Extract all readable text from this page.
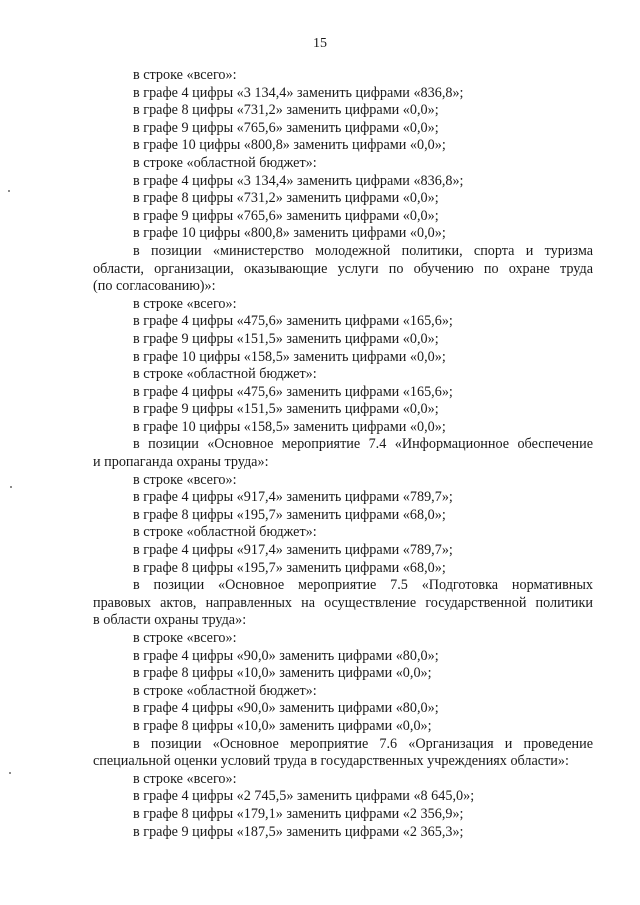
15
в строке «всего»:
в графе 4 цифры «3 134,4» заменить цифрами «836,8»;
в графе 8 цифры «731,2» заменить цифрами «0,0»;
в графе 9 цифры «765,6» заменить цифрами «0,0»;
в графе 10 цифры «800,8» заменить цифрами «0,0»;
в строке «областной бюджет»:
в графе 4 цифры «3 134,4» заменить цифрами «836,8»;
в графе 8 цифры «731,2» заменить цифрами «0,0»;
в графе 9 цифры «765,6» заменить цифрами «0,0»;
в графе 10 цифры «800,8» заменить цифрами «0,0»;
в позиции «министерство молодежной политики, спорта и туризма
области, организации, оказывающие услуги по обучению по охране труда
(по согласованию)»:
в строке «всего»:
в графе 4 цифры «475,6» заменить цифрами «165,6»;
в графе 9 цифры «151,5» заменить цифрами «0,0»;
в графе 10 цифры «158,5» заменить цифрами «0,0»;
в строке «областной бюджет»:
в графе 4 цифры «475,6» заменить цифрами «165,6»;
в графе 9 цифры «151,5» заменить цифрами «0,0»;
в графе 10 цифры «158,5» заменить цифрами «0,0»;
в позиции «Основное мероприятие 7.4 «Информационное обеспечение
и пропаганда охраны труда»:
в строке «всего»:
в графе 4 цифры «917,4» заменить цифрами «789,7»;
в графе 8 цифры «195,7» заменить цифрами «68,0»;
в строке «областной бюджет»:
в графе 4 цифры «917,4» заменить цифрами «789,7»;
в графе 8 цифры «195,7» заменить цифрами «68,0»;
в позиции «Основное мероприятие 7.5 «Подготовка нормативных
правовых актов, направленных на осуществление государственной политики
в области охраны труда»:
в строке «всего»:
в графе 4 цифры «90,0» заменить цифрами «80,0»;
в графе 8 цифры «10,0» заменить цифрами «0,0»;
в строке «областной бюджет»:
в графе 4 цифры «90,0» заменить цифрами «80,0»;
в графе 8 цифры «10,0» заменить цифрами «0,0»;
в позиции «Основное мероприятие 7.6 «Организация и проведение
специальной оценки условий труда в государственных учреждениях области»:
в строке «всего»:
в графе 4 цифры «2 745,5» заменить цифрами «8 645,0»;
в графе 8 цифры «179,1» заменить цифрами «2 356,9»;
в графе 9 цифры «187,5» заменить цифрами «2 365,3»;
